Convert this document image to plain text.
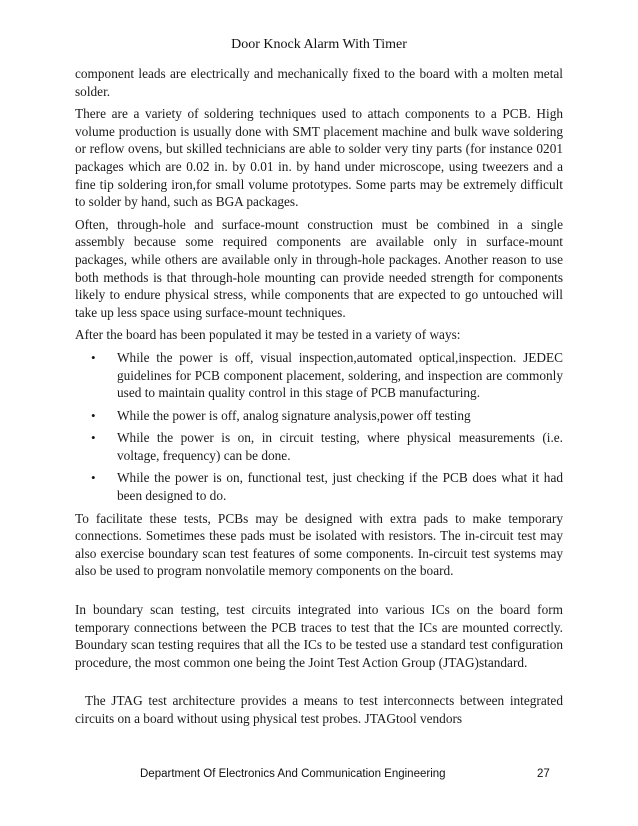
Door Knock Alarm With Timer

component leads are electrically and mechanically fixed to the board with a molten metal solder.

There are a variety of soldering techniques used to attach components to a PCB. High volume production is usually done with SMT placement machine and bulk wave soldering or reflow ovens, but skilled technicians are able to solder very tiny parts (for instance 0201 packages which are 0.02 in. by 0.01 in. by hand under microscope, using tweezers and a fine tip soldering iron,for small volume prototypes. Some parts may be extremely difficult to solder by hand, such as BGA packages.

Often, through-hole and surface-mount construction must be combined in a single assembly because some required components are available only in surface-mount packages, while others are available only in through-hole packages. Another reason to use both methods is that through-hole mounting can provide needed strength for components likely to endure physical stress, while components that are expected to go untouched will take up less space using surface-mount techniques.

After the board has been populated it may be tested in a variety of ways:

• While the power is off, visual inspection,automated optical,inspection. JEDEC guidelines for PCB component placement, soldering, and inspection are commonly used to maintain quality control in this stage of PCB manufacturing.
• While the power is off, analog signature analysis,power off testing
• While the power is on, in circuit testing, where physical measurements (i.e. voltage, frequency) can be done.
• While the power is on, functional test, just checking if the PCB does what it had been designed to do.

To facilitate these tests, PCBs may be designed with extra pads to make temporary connections. Sometimes these pads must be isolated with resistors. The in-circuit test may also exercise boundary scan test features of some components. In-circuit test systems may also be used to program nonvolatile memory components on the board.

In boundary scan testing, test circuits integrated into various ICs on the board form temporary connections between the PCB traces to test that the ICs are mounted correctly. Boundary scan testing requires that all the ICs to be tested use a standard test configuration procedure, the most common one being the Joint Test Action Group (JTAG)standard.

The JTAG test architecture provides a means to test interconnects between integrated circuits on a board without using physical test probes. JTAGtool vendors

Department Of Electronics And Communication Engineering	27
